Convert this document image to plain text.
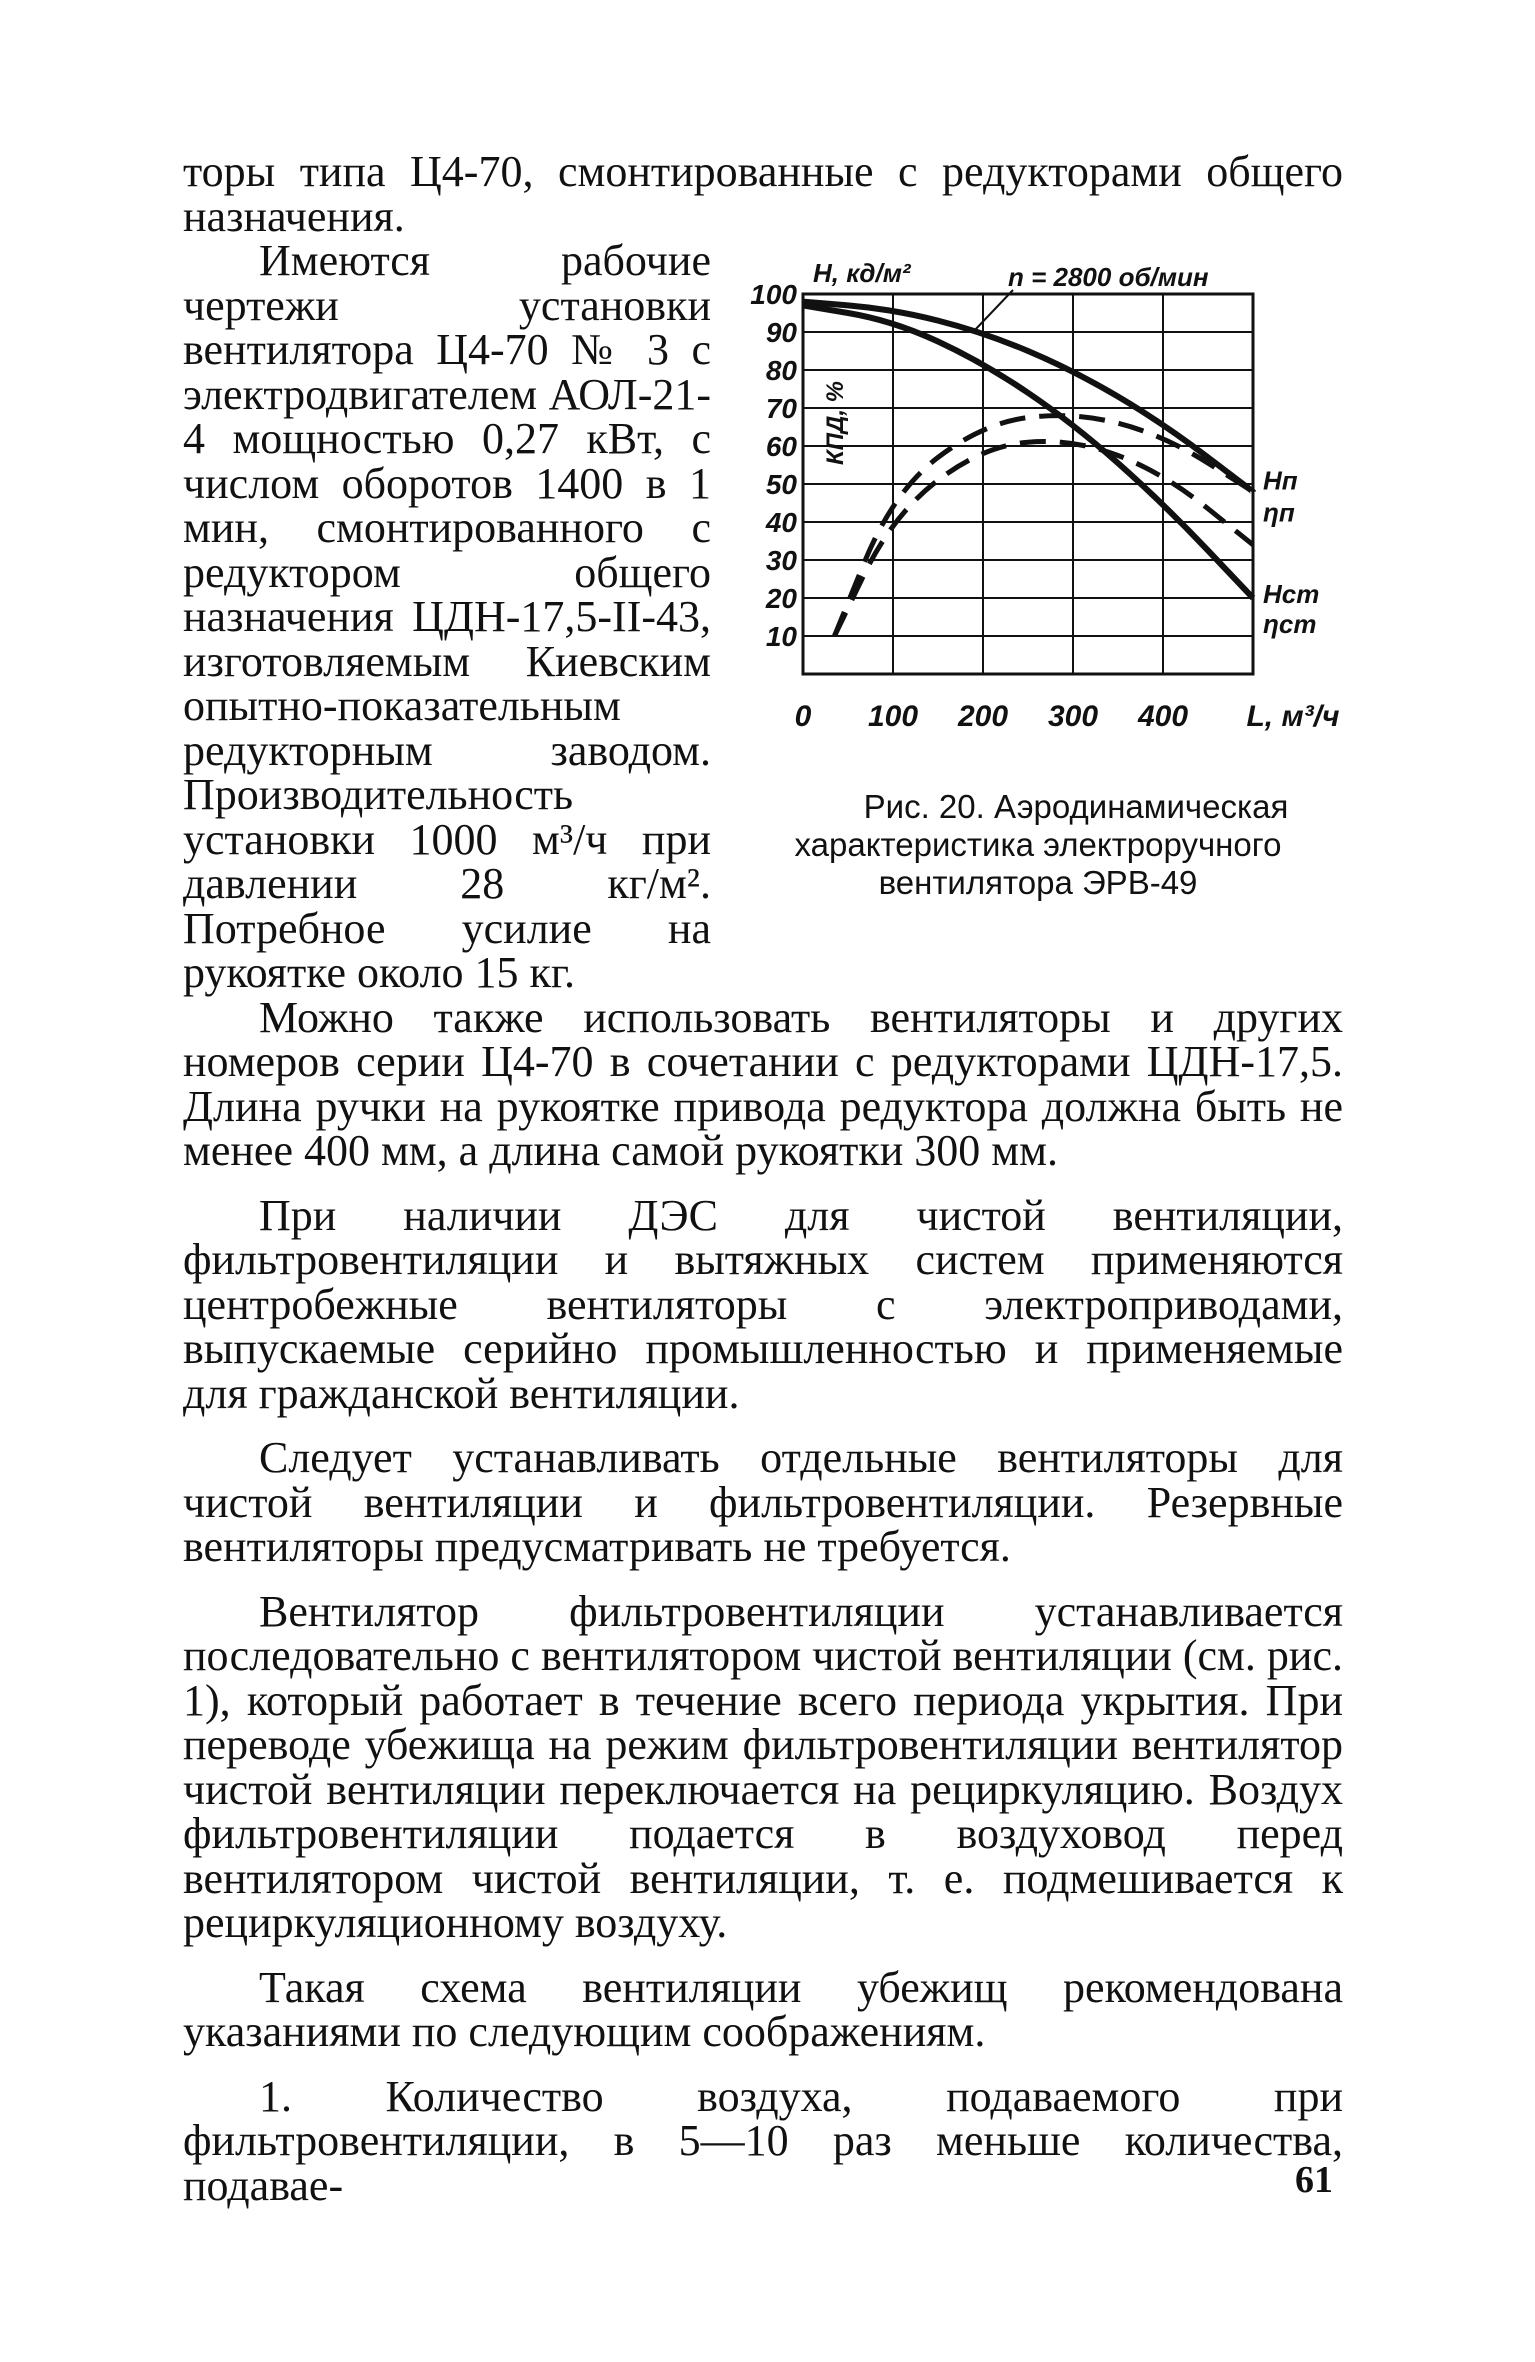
торы типа Ц4-70, смонтированные с редукторами общего назначения.

10
20
30
40
50
60
70
80
90
100
0 100 200 300 400 L, м³/ч
H, кд/м²	n = 2800 об/мин
КПД, %
Hп
ηп
Hст
ηст
Рис. 20. Аэродинамическая характеристика электроручного вентилятора ЭРВ-49
Имеются рабочие чертежи установки вентилятора Ц4-70 № 3 с электродвигателем АОЛ-21-4 мощностью 0,27 кВт, с числом оборотов 1400 в 1 мин, смонтированного с редуктором общего назначения ЦДН-17,5-II-43, изготовляемым Киевским опытно-показательным редукторным заводом. Производительность установки 1000 м³/ч при давлении 28 кг/м². Потребное усилие на рукоятке около 15 кг.

Можно также использовать вентиляторы и других номеров серии Ц4-70 в сочетании с редукторами ЦДН-17,5. Длина ручки на рукоятке привода редуктора должна быть не менее 400 мм, а длина самой рукоятки 300 мм.

При наличии ДЭС для чистой вентиляции, фильтровентиляции и вытяжных систем применяются центробежные вентиляторы с электроприводами, выпускаемые серийно промышленностью и применяемые для гражданской вентиляции.

Следует устанавливать отдельные вентиляторы для чистой вентиляции и фильтровентиляции. Резервные вентиляторы предусматривать не требуется.

Вентилятор фильтровентиляции устанавливается последовательно с вентилятором чистой вентиляции (см. рис. 1), который работает в течение всего периода укрытия. При переводе убежища на режим фильтровентиляции вентилятор чистой вентиляции переключается на рециркуляцию. Воздух фильтровентиляции подается в воздуховод перед вентилятором чистой вентиляции, т. е. подмешивается к рециркуляционному воздуху.

Такая схема вентиляции убежищ рекомендована указаниями по следующим соображениям.

1. Количество воздуха, подаваемого при фильтровентиляции, в 5—10 раз меньше количества, подавае-	61
